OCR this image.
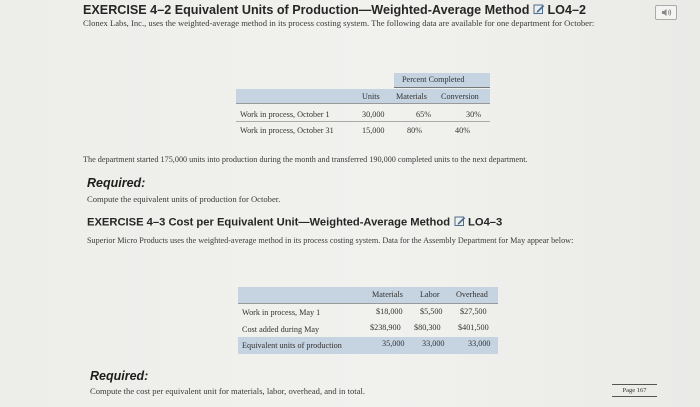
EXERCISE 4–2 Equivalent Units of Production—Weighted-Average Method LO4–2
Clonex Labs, Inc., uses the weighted-average method in its process costing system. The following data are available for one department for October:
Percent Completed
Units Materials Conversion
Work in process, October 1	30,000	65%	30%
Work in process, October 31	15,000	80%	40%
The department started 175,000 units into production during the month and transferred 190,000 completed units to the next department.
Required:
Compute the equivalent units of production for October.
EXERCISE 4–3 Cost per Equivalent Unit—Weighted-Average Method LO4–3
Superior Micro Products uses the weighted-average method in its process costing system. Data for the Assembly Department for May appear below:
Materials Labor Overhead
Work in process, May 1	$18,000 $5,500 $27,500
Cost added during May	$238,900 $80,300 $401,500
Equivalent units of production	35,000 33,000	33,000
Required:
Compute the cost per equivalent unit for materials, labor, overhead, and in total.	Page 167
